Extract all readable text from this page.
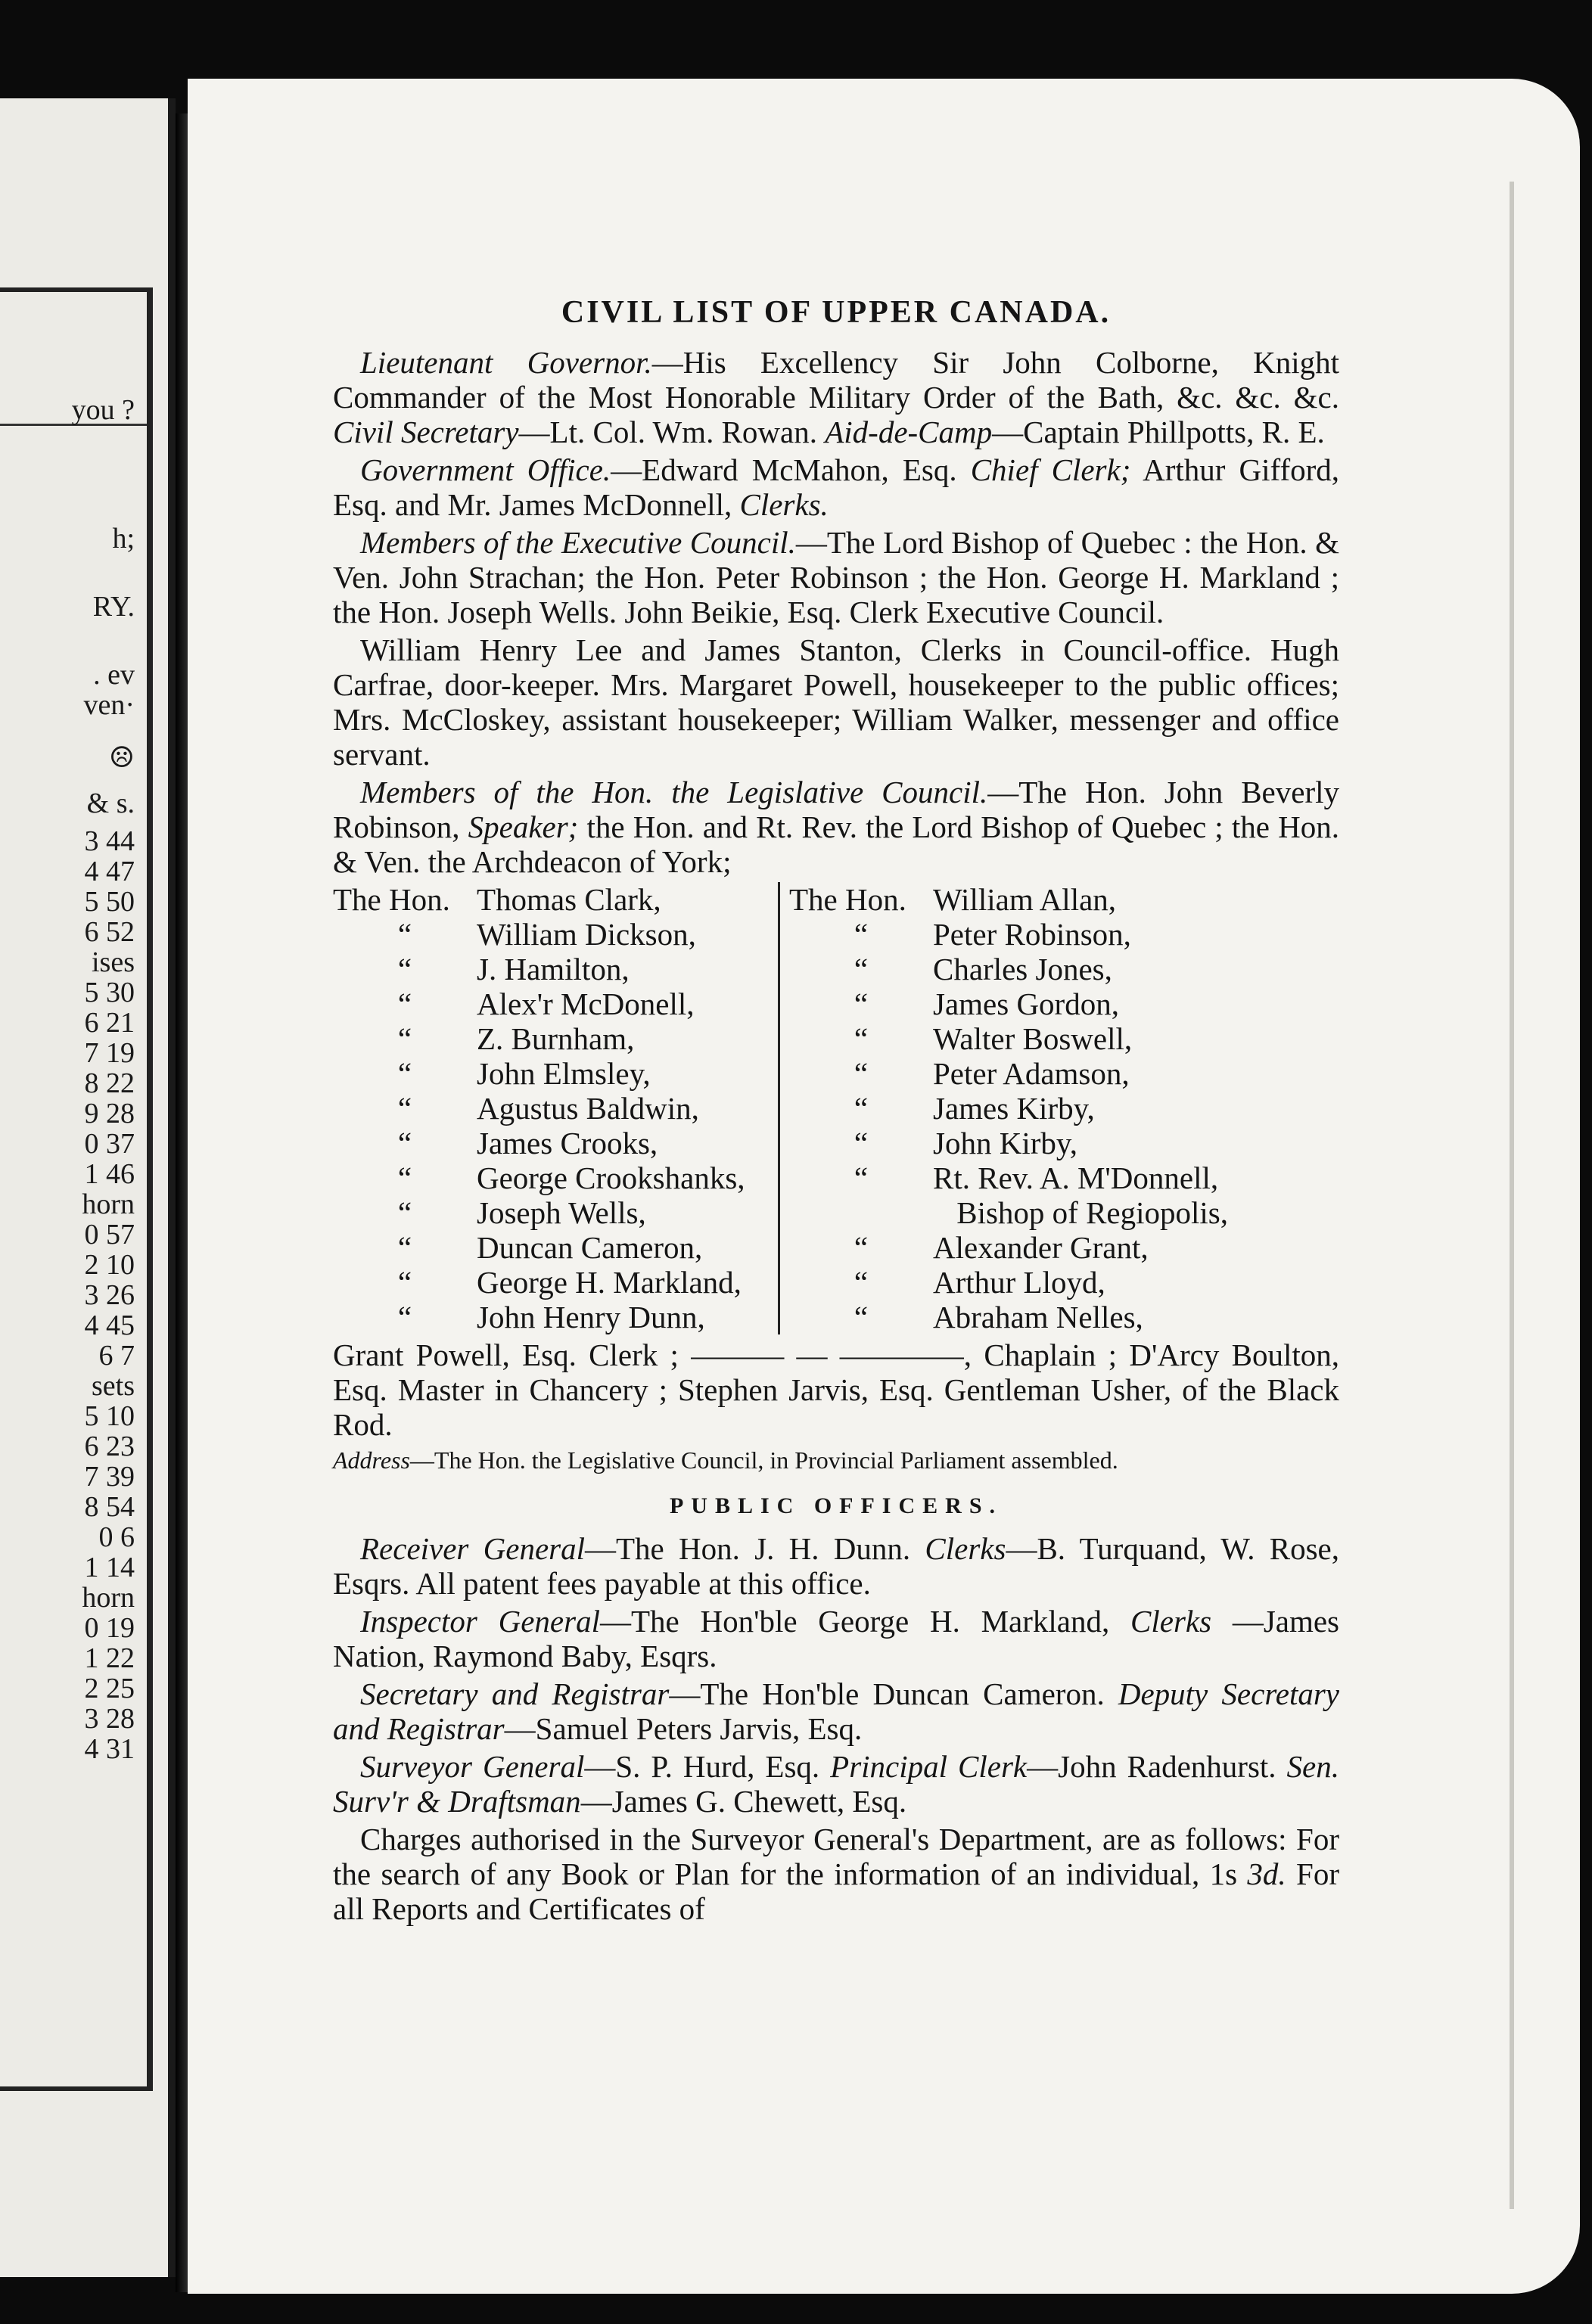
you ?
h;
RY.
. ev
ven·
☹
& s.
3 44
4 47
5 50
6 52
ises
5 30
6 21
7 19
8 22
9 28
0 37
1 46
horn
0 57
2 10
3 26
4 45
6 7
sets
5 10
6 23
7 39
8 54
0 6
1 14
horn
0 19
1 22
2 25
3 28
4 31
CIVIL LIST OF UPPER CANADA.

Lieutenant Governor.—His Excellency Sir John Colborne, Knight Commander of the Most Honorable Military Order of the Bath, &c. &c. &c. Civil Secretary—Lt. Col. Wm. Rowan. Aid-de-Camp—Captain Phillpotts, R. E.

Government Office.—Edward McMahon, Esq. Chief Clerk; Arthur Gifford, Esq. and Mr. James McDonnell, Clerks.

Members of the Executive Council.—The Lord Bishop of Quebec : the Hon. & Ven. John Strachan; the Hon. Peter Robinson ; the Hon. George H. Markland ; the Hon. Joseph Wells. John Beikie, Esq. Clerk Executive Council.

William Henry Lee and James Stanton, Clerks in Council-office. Hugh Carfrae, door-keeper. Mrs. Margaret Powell, housekeeper to the public offices; Mrs. McCloskey, assistant housekeeper; William Walker, messenger and office servant.

Members of the Hon. the Legislative Council.—The Hon. John Beverly Robinson, Speaker; the Hon. and Rt. Rev. the Lord Bishop of Quebec ; the Hon. & Ven. the Archdeacon of York;

The Hon. Thomas Clark,
“	William Dickson,
“	J. Hamilton,
“	Alex'r McDonell,
“	Z. Burnham,
“	John Elmsley,
“	Agustus Baldwin,
“	James Crooks,
“	George Crookshanks,
“	Joseph Wells,
“	Duncan Cameron,
“	George H. Markland,
“	John Henry Dunn,
The Hon. William Allan,
“	Peter Robinson,
“	Charles Jones,
“	James Gordon,
“	Walter Boswell,
“	Peter Adamson,
“	James Kirby,
“	John Kirby,
“	Rt. Rev. A. M'Donnell,
Bishop of Regiopolis,
“	Alexander Grant,
“	Arthur Lloyd,
“	Abraham Nelles,

Grant Powell, Esq. Clerk ; ——— — ————, Chaplain ; D'Arcy Boulton, Esq. Master in Chancery ; Stephen Jarvis, Esq. Gentleman Usher, of the Black Rod.

Address—The Hon. the Legislative Council, in Provincial Parliament assembled.

PUBLIC OFFICERS.

Receiver General—The Hon. J. H. Dunn. Clerks—B. Turquand, W. Rose, Esqrs. All patent fees payable at this office.

Inspector General—The Hon'ble George H. Markland, Clerks —James Nation, Raymond Baby, Esqrs.

Secretary and Registrar—The Hon'ble Duncan Cameron. Deputy Secretary and Registrar—Samuel Peters Jarvis, Esq.

Surveyor General—S. P. Hurd, Esq. Principal Clerk—John Radenhurst. Sen. Surv'r & Draftsman—James G. Chewett, Esq.

Charges authorised in the Surveyor General's Department, are as follows: For the search of any Book or Plan for the information of an individual, 1s 3d. For all Reports and Certificates of
